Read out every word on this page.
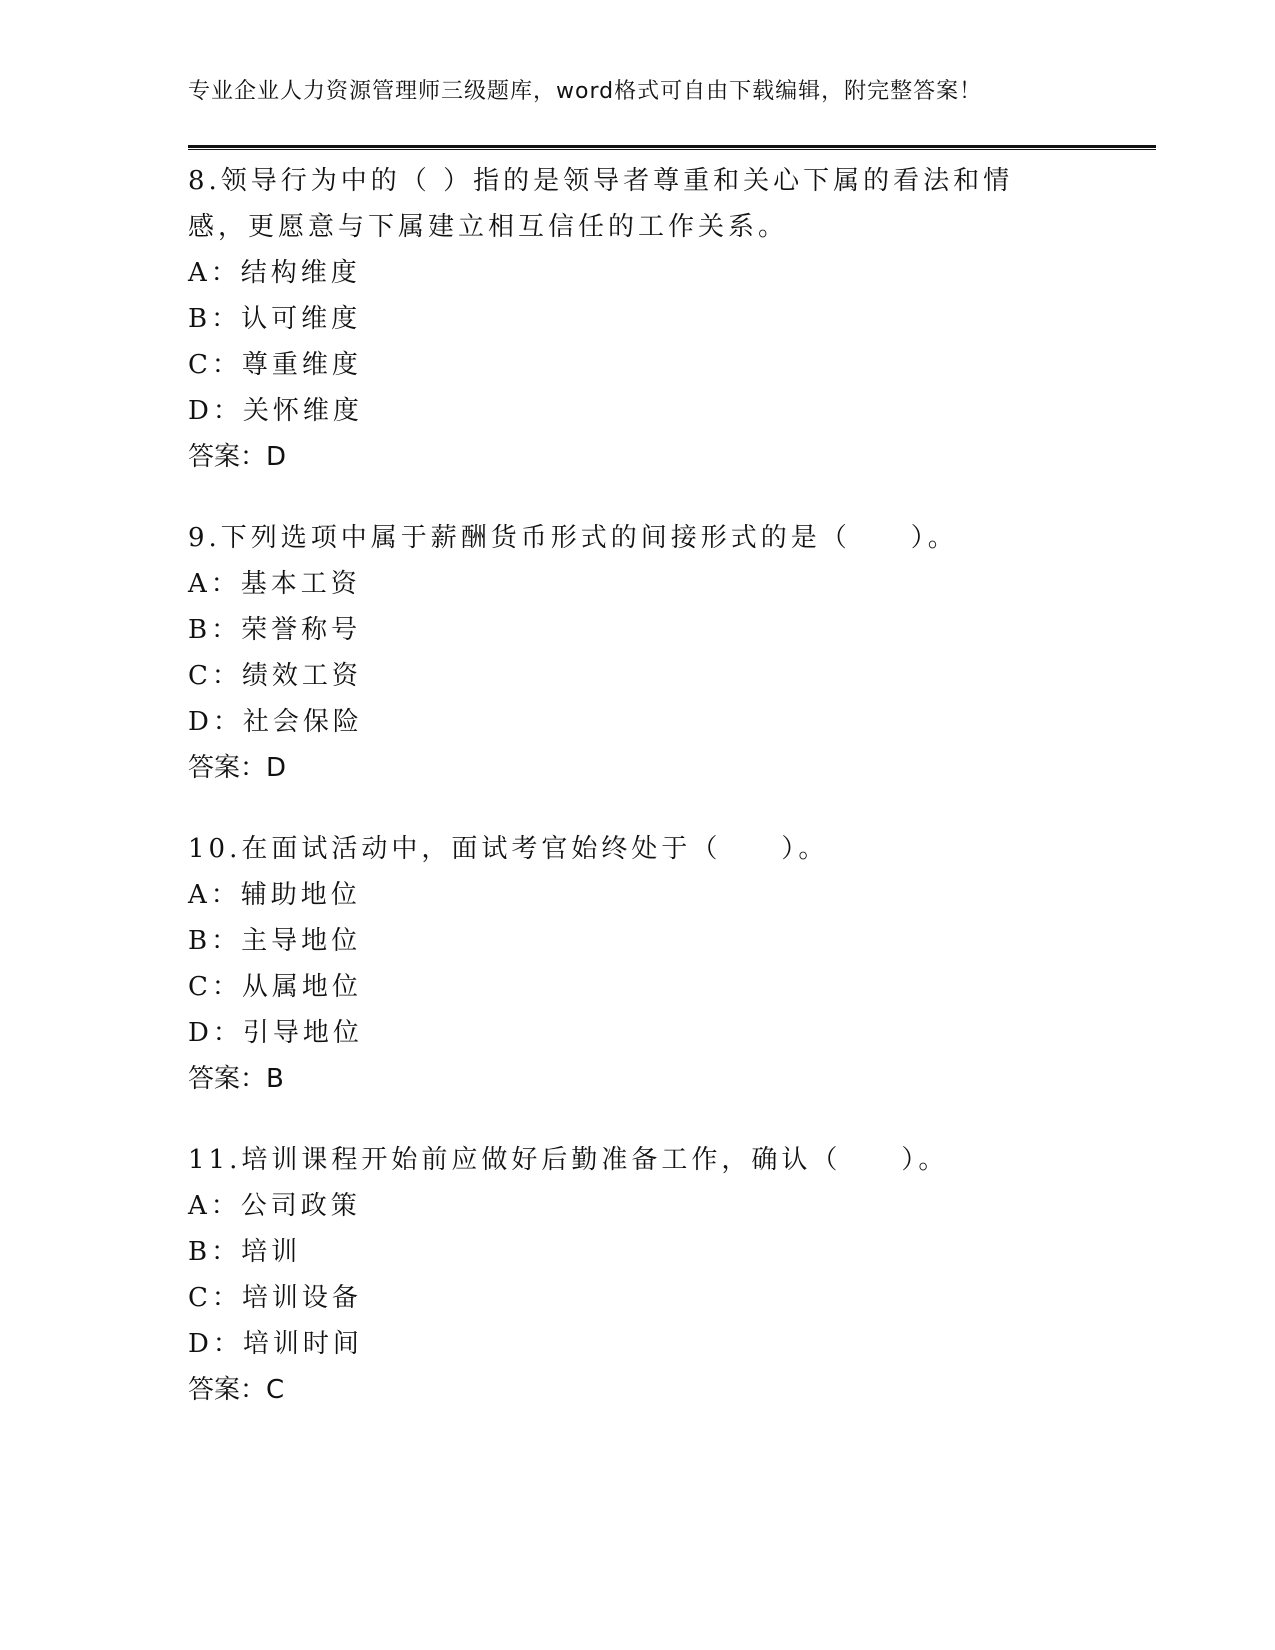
专业企业人力资源管理师三级题库，word格式可自由下载编辑，附完整答案！

8.领导行为中的（ ）指的是领导者尊重和关心下属的看法和情感，更愿意与下属建立相互信任的工作关系。

A：结构维度

B：认可维度

C：尊重维度

D：关怀维度

答案：D

9.下列选项中属于薪酬货币形式的间接形式的是（　　）。

A：基本工资

B：荣誉称号

C：绩效工资

D：社会保险

答案：D

10.在面试活动中，面试考官始终处于（　　）。

A：辅助地位

B：主导地位

C：从属地位

D：引导地位

答案：B

11.培训课程开始前应做好后勤准备工作，确认（　　）。

A：公司政策

B：培训

C：培训设备

D：培训时间

答案：C
